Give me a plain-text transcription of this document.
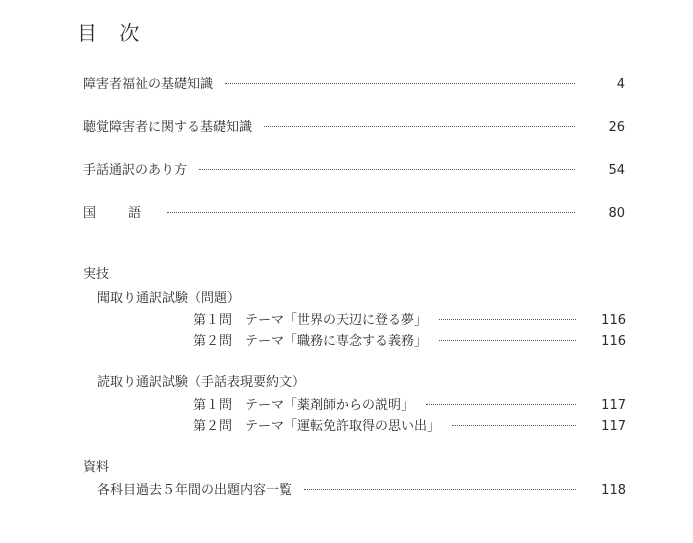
目 次
障害者福祉の基礎知識	4
聴覚障害者に関する基礎知識	26
手話通訳のあり方	54
国 語	80
実技
聞取り通訳試験（問題）
第１問　テーマ「世界の天辺に登る夢」	116
第２問　テーマ「職務に専念する義務」	116
読取り通訳試験（手話表現要約文）
第１問　テーマ「薬剤師からの説明」	117
第２問　テーマ「運転免許取得の思い出」	117
資料
各科目過去５年間の出題内容一覧	118
